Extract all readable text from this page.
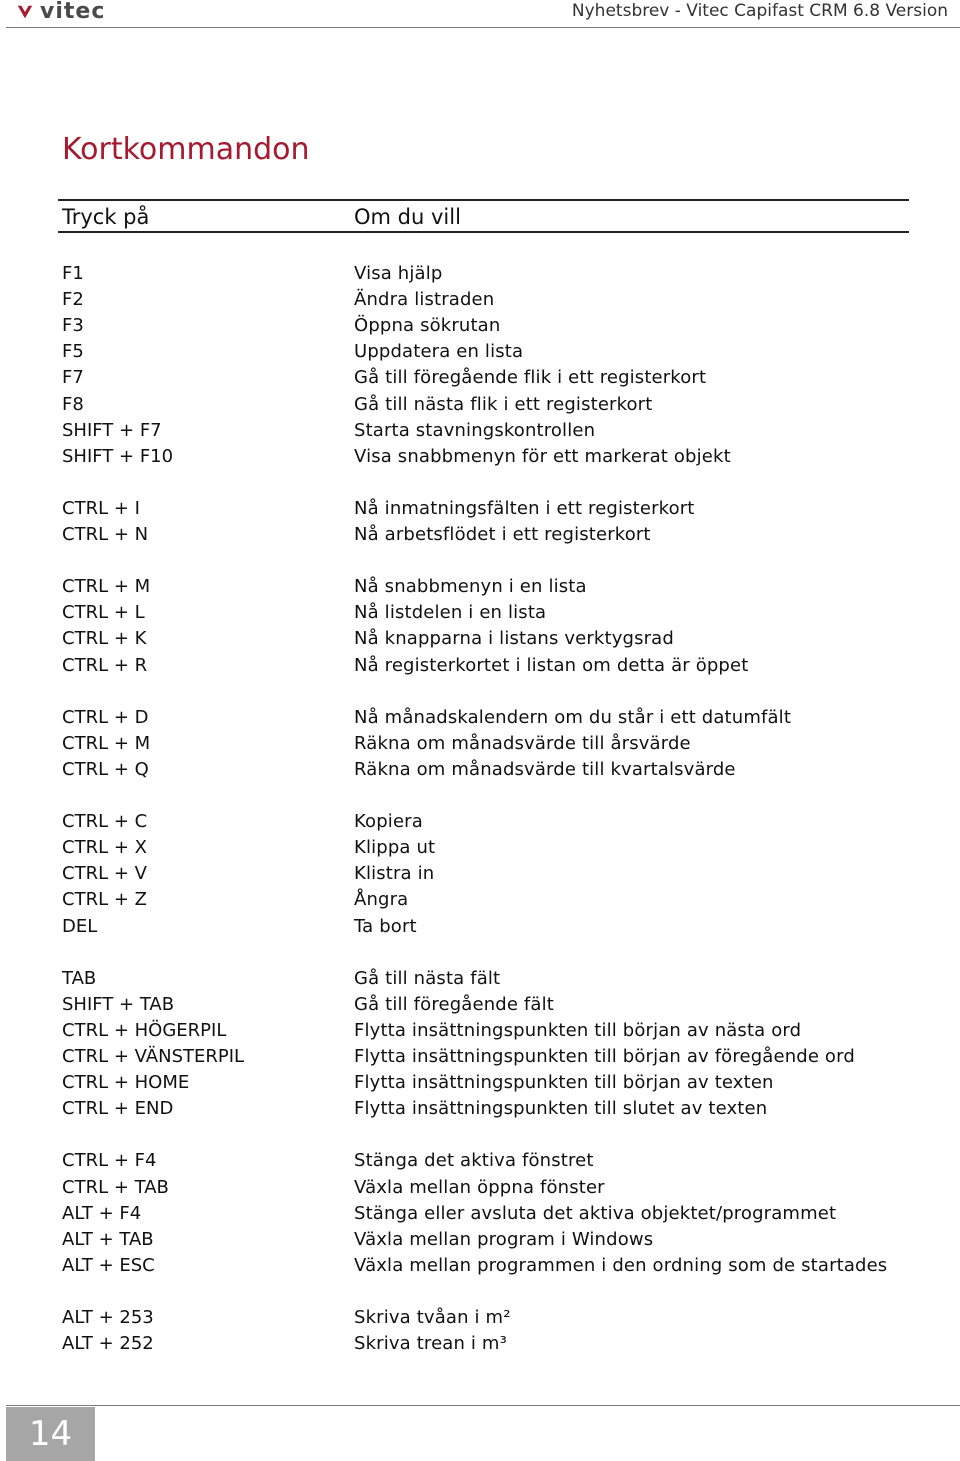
vitec	Nyhetsbrev - Vitec Capifast CRM 6.8 Version
Kortkommandon
Tryck på	Om du vill
F1	Visa hjälp
F2	Ändra listraden
F3	Öppna sökrutan
F5	Uppdatera en lista
F7	Gå till föregående flik i ett registerkort
F8	Gå till nästa flik i ett registerkort
SHIFT + F7	Starta stavningskontrollen
SHIFT + F10	Visa snabbmenyn för ett markerat objekt
CTRL + I	Nå inmatningsfälten i ett registerkort
CTRL + N	Nå arbetsflödet i ett registerkort
CTRL + M	Nå snabbmenyn i en lista
CTRL + L	Nå listdelen i en lista
CTRL + K	Nå knapparna i listans verktygsrad
CTRL + R	Nå registerkortet i listan om detta är öppet
CTRL + D	Nå månadskalendern om du står i ett datumfält
CTRL + M	Räkna om månadsvärde till årsvärde
CTRL + Q	Räkna om månadsvärde till kvartalsvärde
CTRL + C	Kopiera
CTRL + X	Klippa ut
CTRL + V	Klistra in
CTRL + Z	Ångra
DEL	Ta bort
TAB	Gå till nästa fält
SHIFT + TAB	Gå till föregående fält
CTRL + HÖGERPIL	Flytta insättningspunkten till början av nästa ord
CTRL + VÄNSTERPIL	Flytta insättningspunkten till början av föregående ord
CTRL + HOME	Flytta insättningspunkten till början av texten
CTRL + END	Flytta insättningspunkten till slutet av texten
CTRL + F4	Stänga det aktiva fönstret
CTRL + TAB	Växla mellan öppna fönster
ALT + F4	Stänga eller avsluta det aktiva objektet/programmet
ALT + TAB	Växla mellan program i Windows
ALT + ESC	Växla mellan programmen i den ordning som de startades
ALT + 253	Skriva tvåan i m²
ALT + 252	Skriva trean i m³
14
